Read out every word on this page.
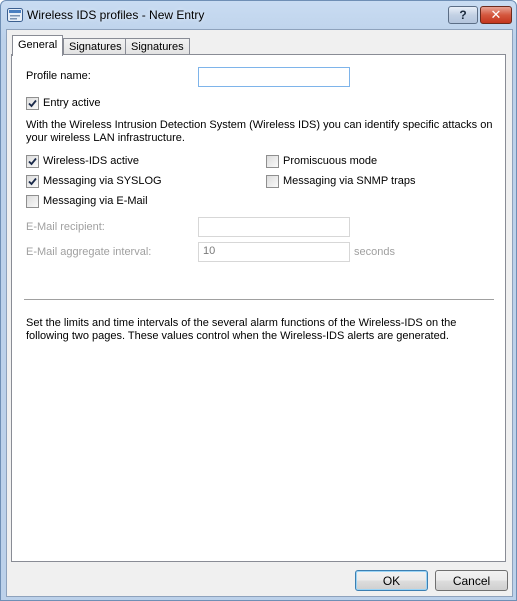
Wireless IDS profiles - New Entry	? ✕
General	Signatures Signatures
Profile name:
Entry active
With the Wireless Intrusion Detection System (Wireless IDS) you can identify specific attacks on your wireless LAN infrastructure.
Wireless-IDS active
Messaging via SYSLOG
Messaging via E-Mail
Promiscuous mode
Messaging via SNMP traps
E-Mail recipient:
E-Mail aggregate interval:	10	seconds
Set the limits and time intervals of the several alarm functions of the Wireless-IDS on the following two pages. These values control when the Wireless-IDS alerts are generated.
OK	Cancel
